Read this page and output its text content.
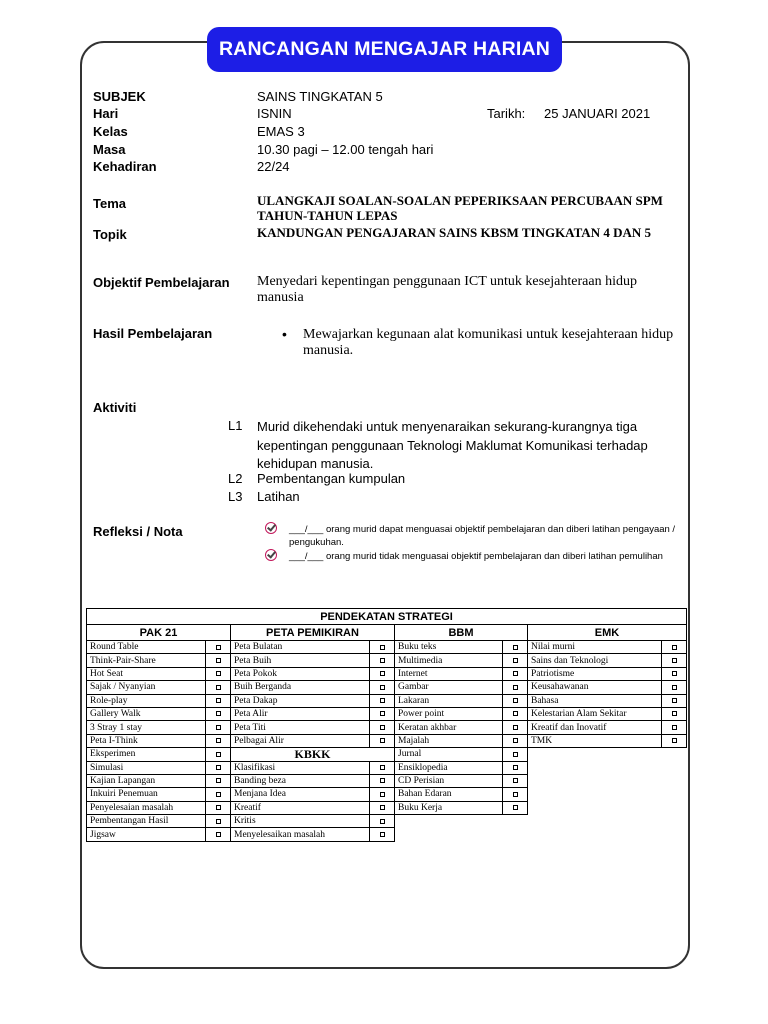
RANCANGAN MENGAJAR HARIAN
SUBJEK	SAINS TINGKATAN 5
Hari	ISNIN	Tarikh: 25 JANUARI 2021
Kelas	EMAS 3
Masa	10.30 pagi – 12.00 tengah hari
Kehadiran	22/24
Tema	ULANGKAJI SOALAN-SOALAN PEPERIKSAAN PERCUBAAN SPM TAHUN-TAHUN LEPAS
Topik	KANDUNGAN PENGAJARAN SAINS KBSM TINGKATAN 4 DAN 5
Objektif Pembelajaran Menyedari kepentingan penggunaan ICT untuk kesejahteraan hidup manusia
Hasil Pembelajaran	• Mewajarkan kegunaan alat komunikasi untuk kesejahteraan hidup manusia.
Aktiviti
L1 Murid dikehendaki untuk menyenaraikan sekurang-kurangnya tiga kepentingan penggunaan Teknologi Maklumat Komunikasi terhadap kehidupan manusia.
L2 Pembentangan kumpulan
L3 Latihan
Refleksi / Nota	___/___ orang murid dapat menguasai objektif pembelajaran dan diberi latihan pengayaan / pengukuhan.
___/___ orang murid tidak menguasai objektif pembelajaran dan diberi latihan pemulihan
PENDEKATAN STRATEGI							
PAK 21		PETA PEMIKIRAN		BBM		EMK	
Round Table		Peta Bulatan		Buku teks		Nilai murni	
Think-Pair-Share		Peta Buih		Multimedia		Sains dan Teknologi	
Hot Seat		Peta Pokok		Internet		Patriotisme	
Sajak / Nyanyian		Buih Berganda		Gambar		Keusahawanan	
Role-play		Peta Dakap		Lakaran		Bahasa	
Gallery Walk		Peta Alir		Power point		Kelestarian Alam Sekitar	
3 Stray 1 stay		Peta Titi		Keratan akhbar		Kreatif dan Inovatif	
Peta I-Think		Pelbagai Alir		Majalah		TMK	
Eksperimen		KBKK		Jurnal			
Simulasi		Klasifikasi		Ensiklopedia			
Kajian Lapangan		Banding beza		CD Perisian			
Inkuiri Penemuan		Menjana Idea		Bahan Edaran			
Penyelesaian masalah		Kreatif		Buku Kerja			
Pembentangan Hasil		Kritis					
Jigsaw		Menyelesaikan masalah					
